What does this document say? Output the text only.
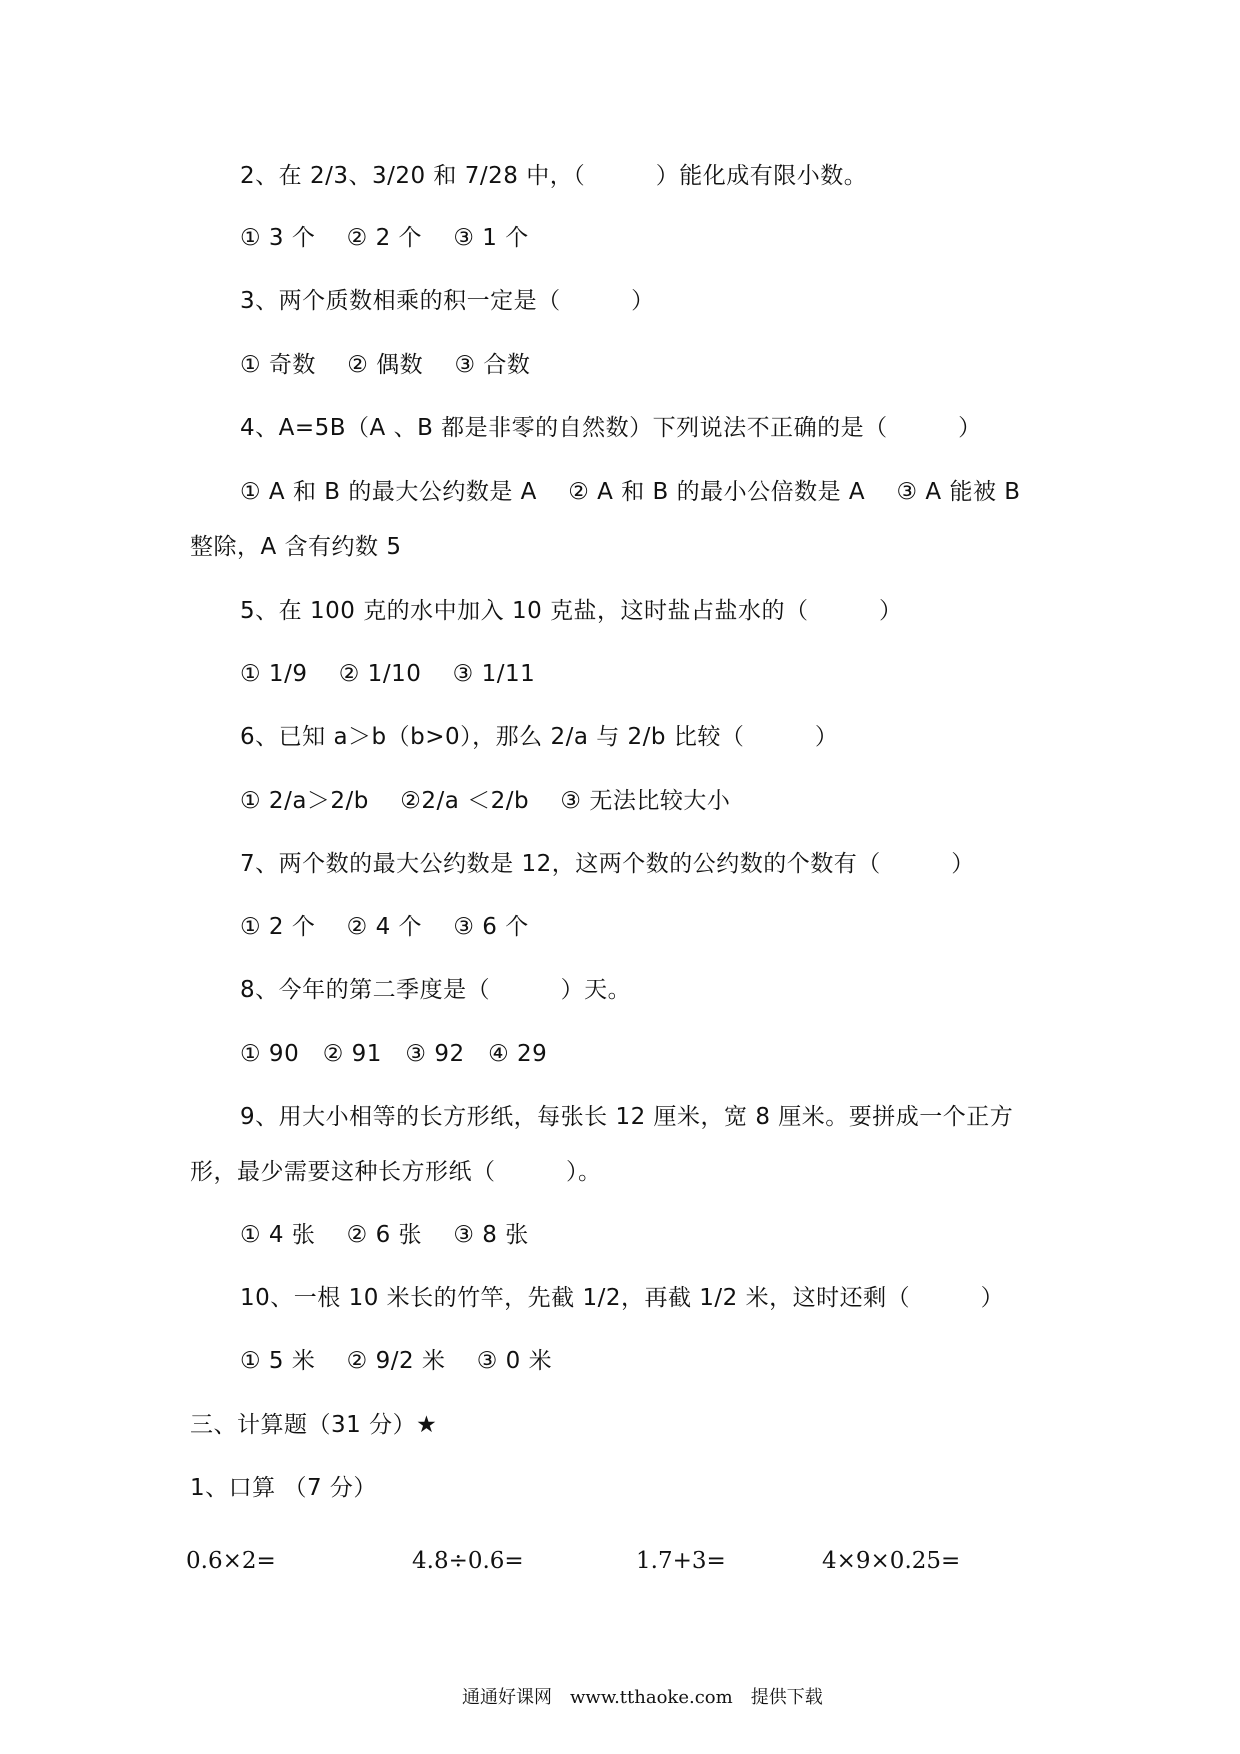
2、在 2/3、3/20 和 7/28 中，（　　　）能化成有限小数。
① 3 个　 ② 2 个　 ③ 1 个
3、两个质数相乘的积一定是（　　　）
① 奇数　 ② 偶数　 ③ 合数
4、A=5B（A 、B 都是非零的自然数）下列说法不正确的是（　　　）
① A 和 B 的最大公约数是 A　 ② A 和 B 的最小公倍数是 A　 ③ A 能被 B
整除，A 含有约数 5
5、在 100 克的水中加入 10 克盐，这时盐占盐水的（　　　）
① 1/9　 ② 1/10　 ③ 1/11
6、已知 a＞b（b>0），那么 2/a 与 2/b 比较（　　　）
① 2/a＞2/b　 ②2/a ＜2/b　 ③ 无法比较大小
7、两个数的最大公约数是 12，这两个数的公约数的个数有（　　　）
① 2 个　 ② 4 个　 ③ 6 个
8、今年的第二季度是（　　　）天。
① 90　② 91　③ 92　④ 29
9、用大小相等的长方形纸，每张长 12 厘米，宽 8 厘米。要拼成一个正方
形，最少需要这种长方形纸（　　　）。
① 4 张　 ② 6 张　 ③ 8 张
10、一根 10 米长的竹竿，先截 1/2，再截 1/2 米，这时还剩（　　　）
① 5 米　 ② 9/2 米　 ③ 0 米
三、计算题（31 分）★
1、口算 （7 分）
0.6×2=	4.8÷0.6=	1.7+3=	4×9×0.25=
通通好课网　www.tthaoke.com　提供下载
